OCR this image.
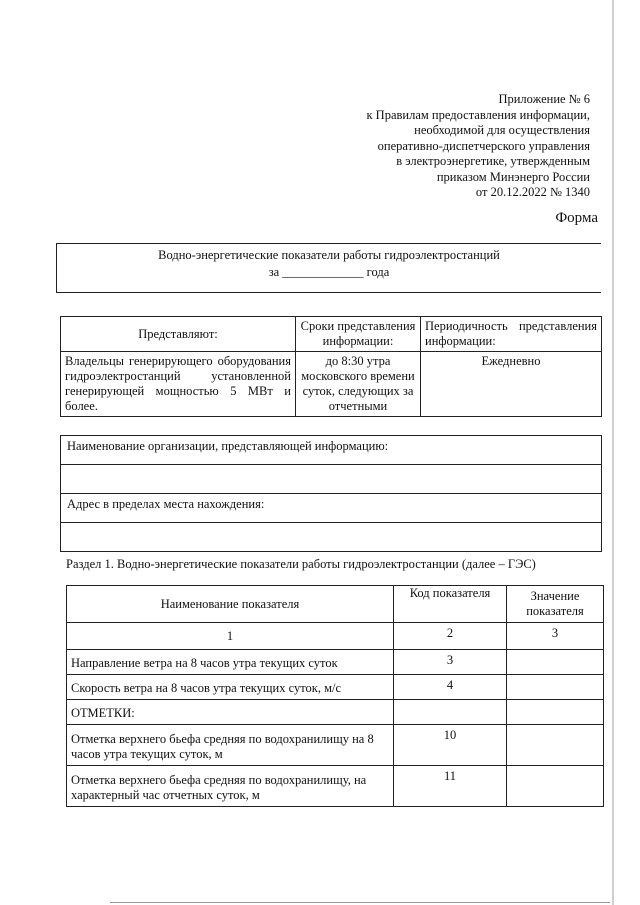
Приложение № 6
к Правилам предоставления информации,
необходимой для осуществления
оперативно-диспетчерского управления
в электроэнергетике, утвержденным
приказом Минэнерго России
от 20.12.2022 № 1340
Форма
Водно-энергетические показатели работы гидроэлектростанций
за _____________ года
Представляют:	Сроки представления информации:	Периодичность представления информации:
Владельцы генерирующего оборудования гидроэлектростанций установленной генерирующей мощностью 5 МВт и более.	до 8:30 утра московского времени суток, следующих за отчетными	Ежедневно
Наименование организации, представляющей информацию:

Адрес в пределах места нахождения:

Раздел 1. Водно-энергетические показатели работы гидроэлектростанции (далее – ГЭС)
Наименование показателя	Код показателя	Значение показателя
1	2	3
Направление ветра на 8 часов утра текущих суток	3	
Скорость ветра на 8 часов утра текущих суток, м/с	4	
ОТМЕТКИ:		
Отметка верхнего бьефа средняя по водохранилищу на 8 часов утра текущих суток, м	10	
Отметка верхнего бьефа средняя по водохранилищу, на характерный час отчетных суток, м	11	
